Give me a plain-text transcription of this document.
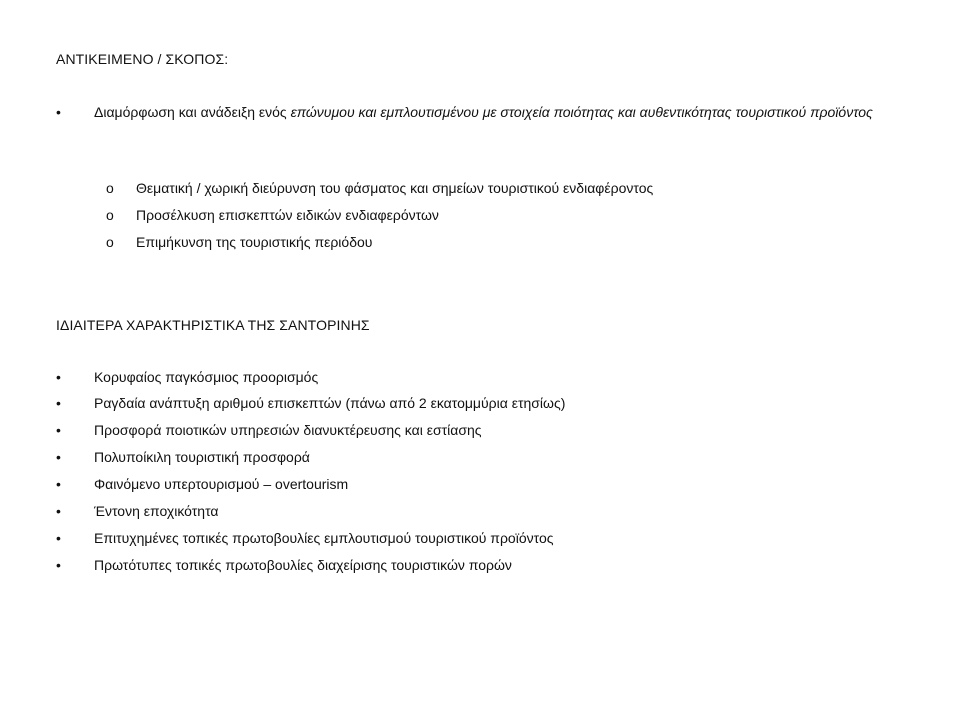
ΑΝΤΙΚΕΙΜΕΝΟ / ΣΚΟΠΟΣ:
• Διαμόρφωση και ανάδειξη ενός επώνυμου και εμπλουτισμένου με στοιχεία ποιότητας και αυθεντικότητας τουριστικού προϊόντος
o Θεματική / χωρική διεύρυνση του φάσματος και σημείων τουριστικού ενδιαφέροντος
o Προσέλκυση επισκεπτών ειδικών ενδιαφερόντων
o Επιμήκυνση της τουριστικής περιόδου
ΙΔΙΑΙΤΕΡΑ ΧΑΡΑΚΤΗΡΙΣΤΙΚΑ ΤΗΣ ΣΑΝΤΟΡΙΝΗΣ
•	Κορυφαίος παγκόσμιος προορισμός
•	Ραγδαία ανάπτυξη αριθμού επισκεπτών (πάνω από 2 εκατομμύρια ετησίως)
•	Προσφορά ποιοτικών υπηρεσιών διανυκτέρευσης και εστίασης
•	Πολυποίκιλη τουριστική προσφορά
•	Φαινόμενο υπερτουρισμού – overtourism
•	Έντονη εποχικότητα
•	Επιτυχημένες τοπικές πρωτοβουλίες εμπλουτισμού τουριστικού προϊόντος
•	Πρωτότυπες τοπικές πρωτοβουλίες διαχείρισης τουριστικών πορών
